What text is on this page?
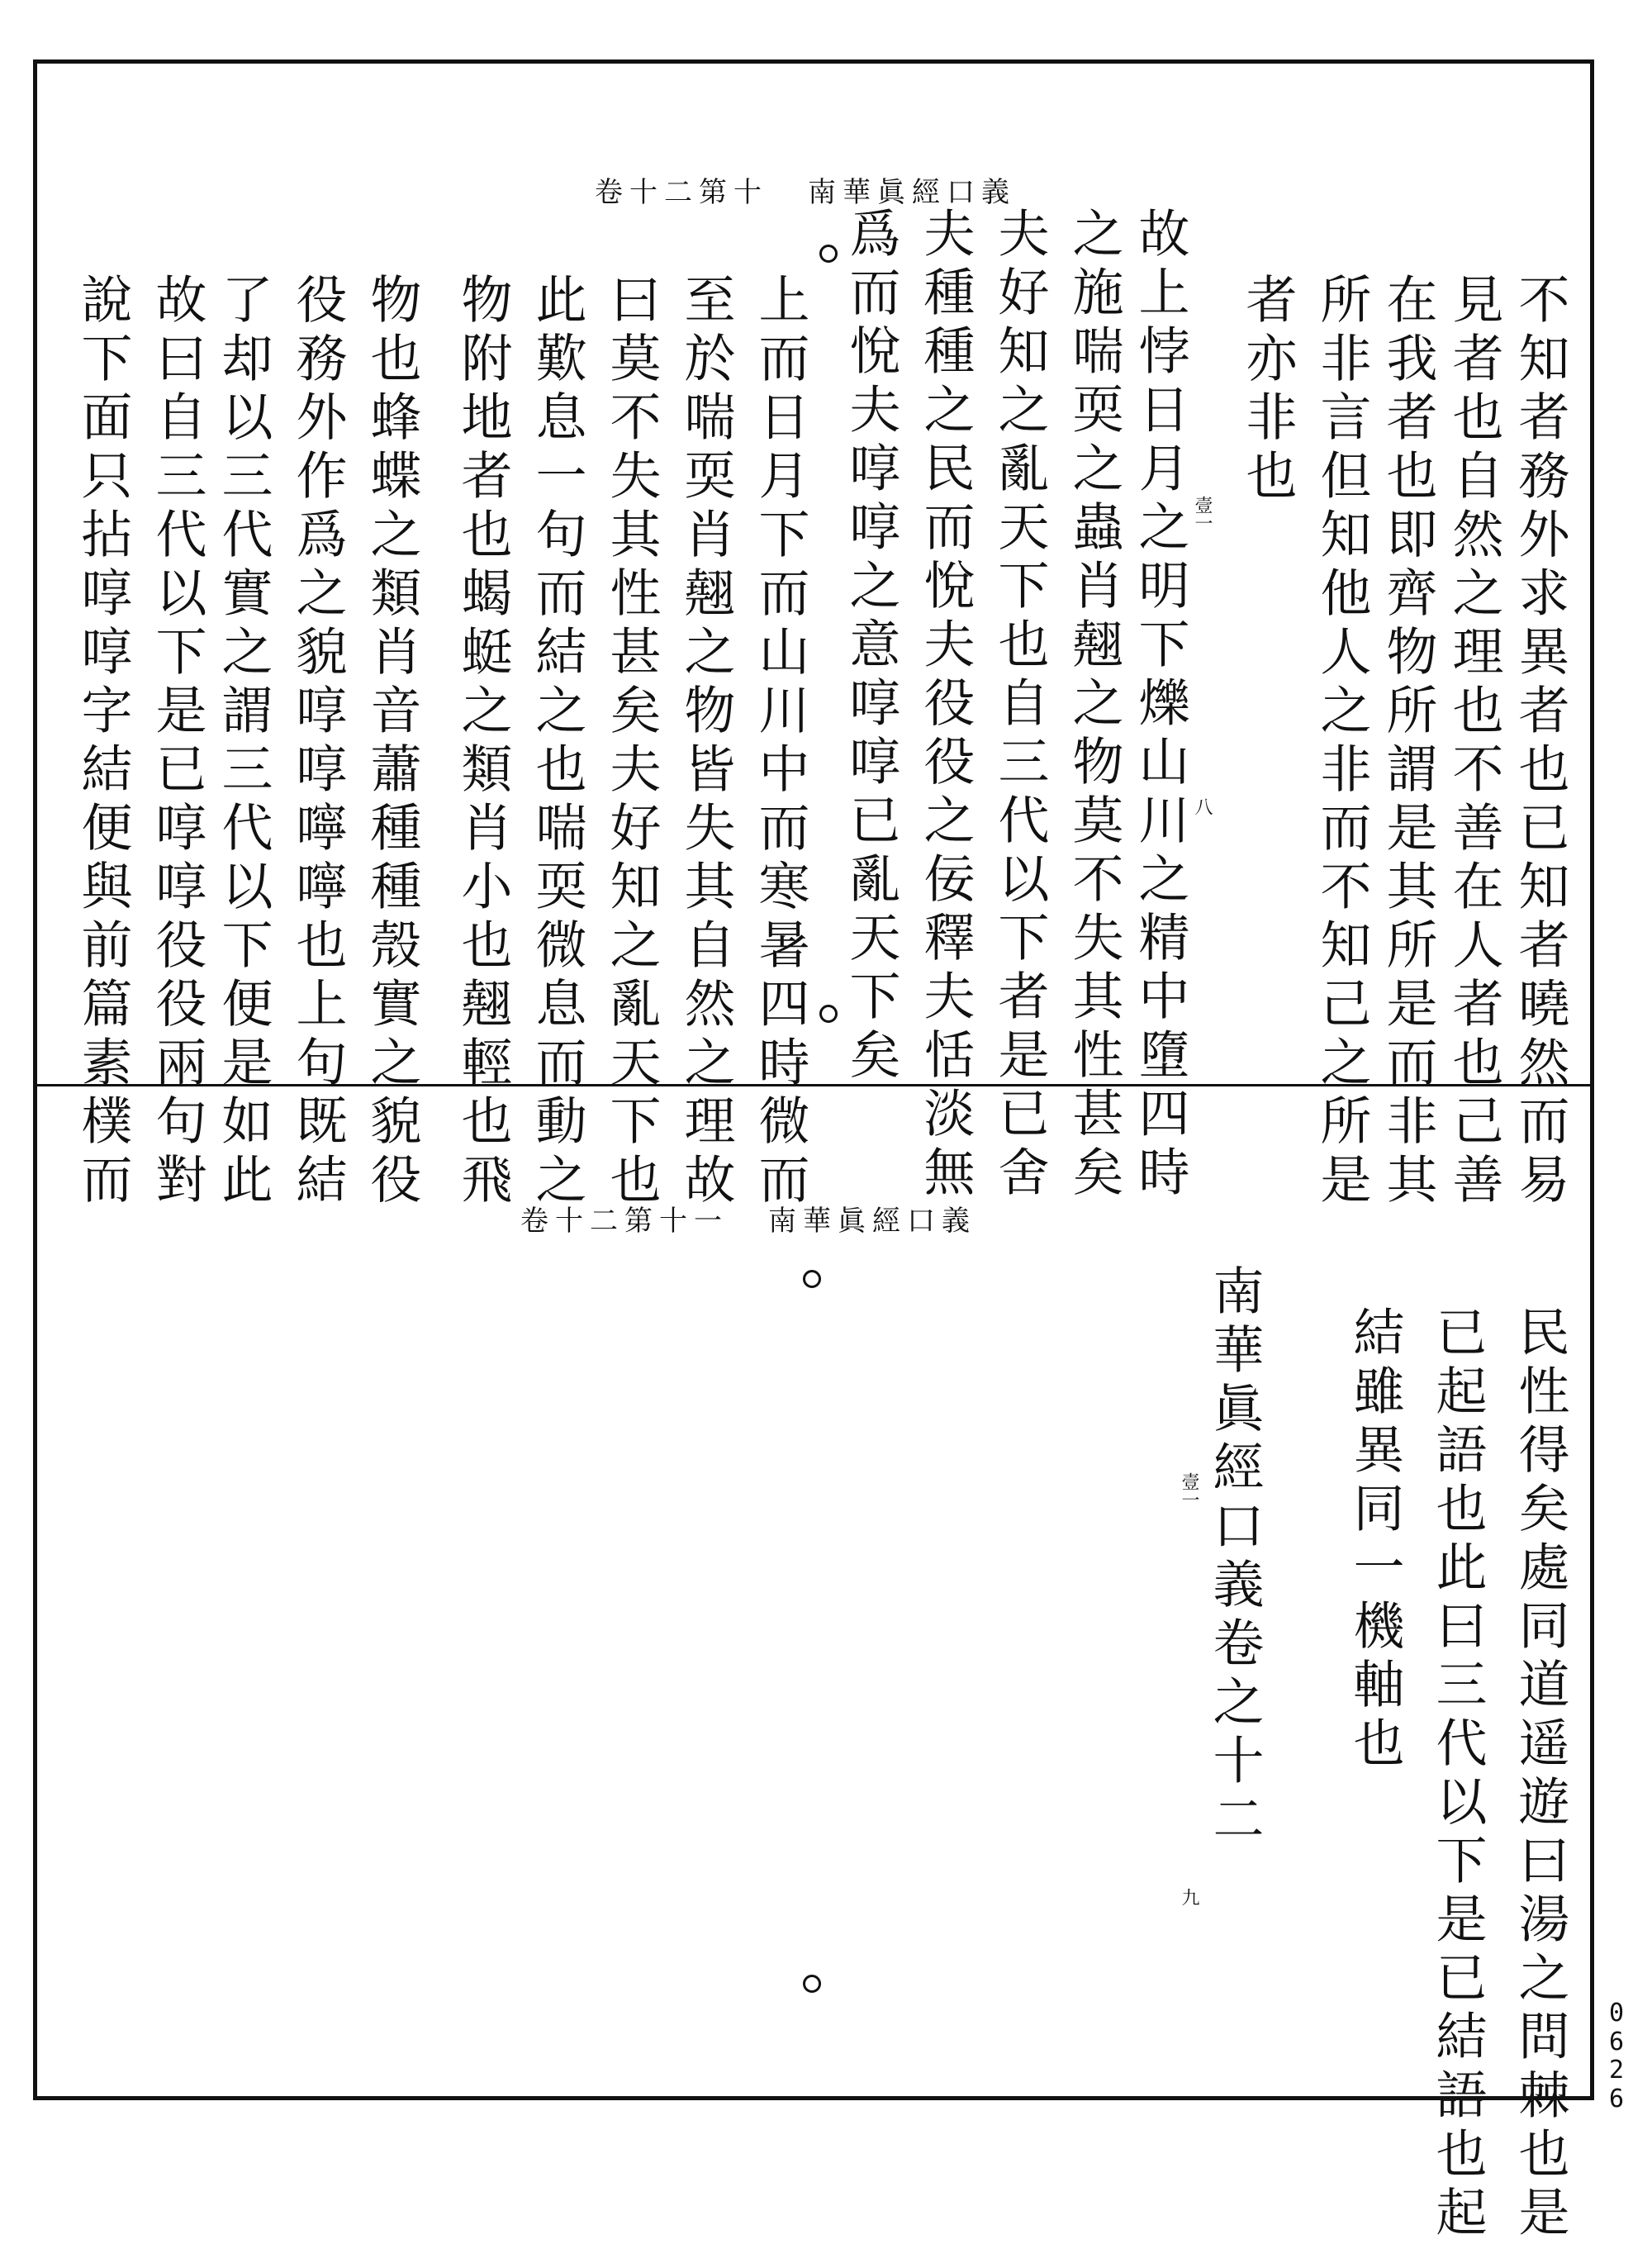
卷十二第十 南華眞經口義
不知者務外求異者也已知者曉然而易
見者也自然之理也不善在人者也己善
在我者也即齊物所謂是其所是而非其
所非言但知他人之非而不知己之所是
者亦非也
故上悖日月之明下爍山川之精中墮四時
之施喘耎之蟲肖翹之物莫不失其性甚矣
夫好知之亂天下也自三代以下者是已舍
夫種種之民而悅夫役役之佞釋夫恬淡無
爲而悅夫啍啍之意啍啍已亂天下矣
上而日月下而山川中而寒暑四時微而
至於喘耎肖翹之物皆失其自然之理故
曰莫不失其性甚矣夫好知之亂天下也
此歎息一句而結之也喘耎微息而動之
物附地者也蝎蜓之類肖小也翹輕也飛
物也蜂蝶之類肖音蕭種種殼實之貌役
役務外作爲之貌啍啍嚀嚀也上句既結
了却以三代實之謂三代以下便是如此
故曰自三代以下是已啍啍役役兩句對
說下面只拈啍啍字結便與前篇素樸而	壹一
八
卷十二第十一 南華眞經口義
民性得矣處同道遥遊曰湯之問棘也是
已起語也此曰三代以下是已結語也起
結雖異同一機軸也
南華眞經口義卷之十二
壹一
九
0626
